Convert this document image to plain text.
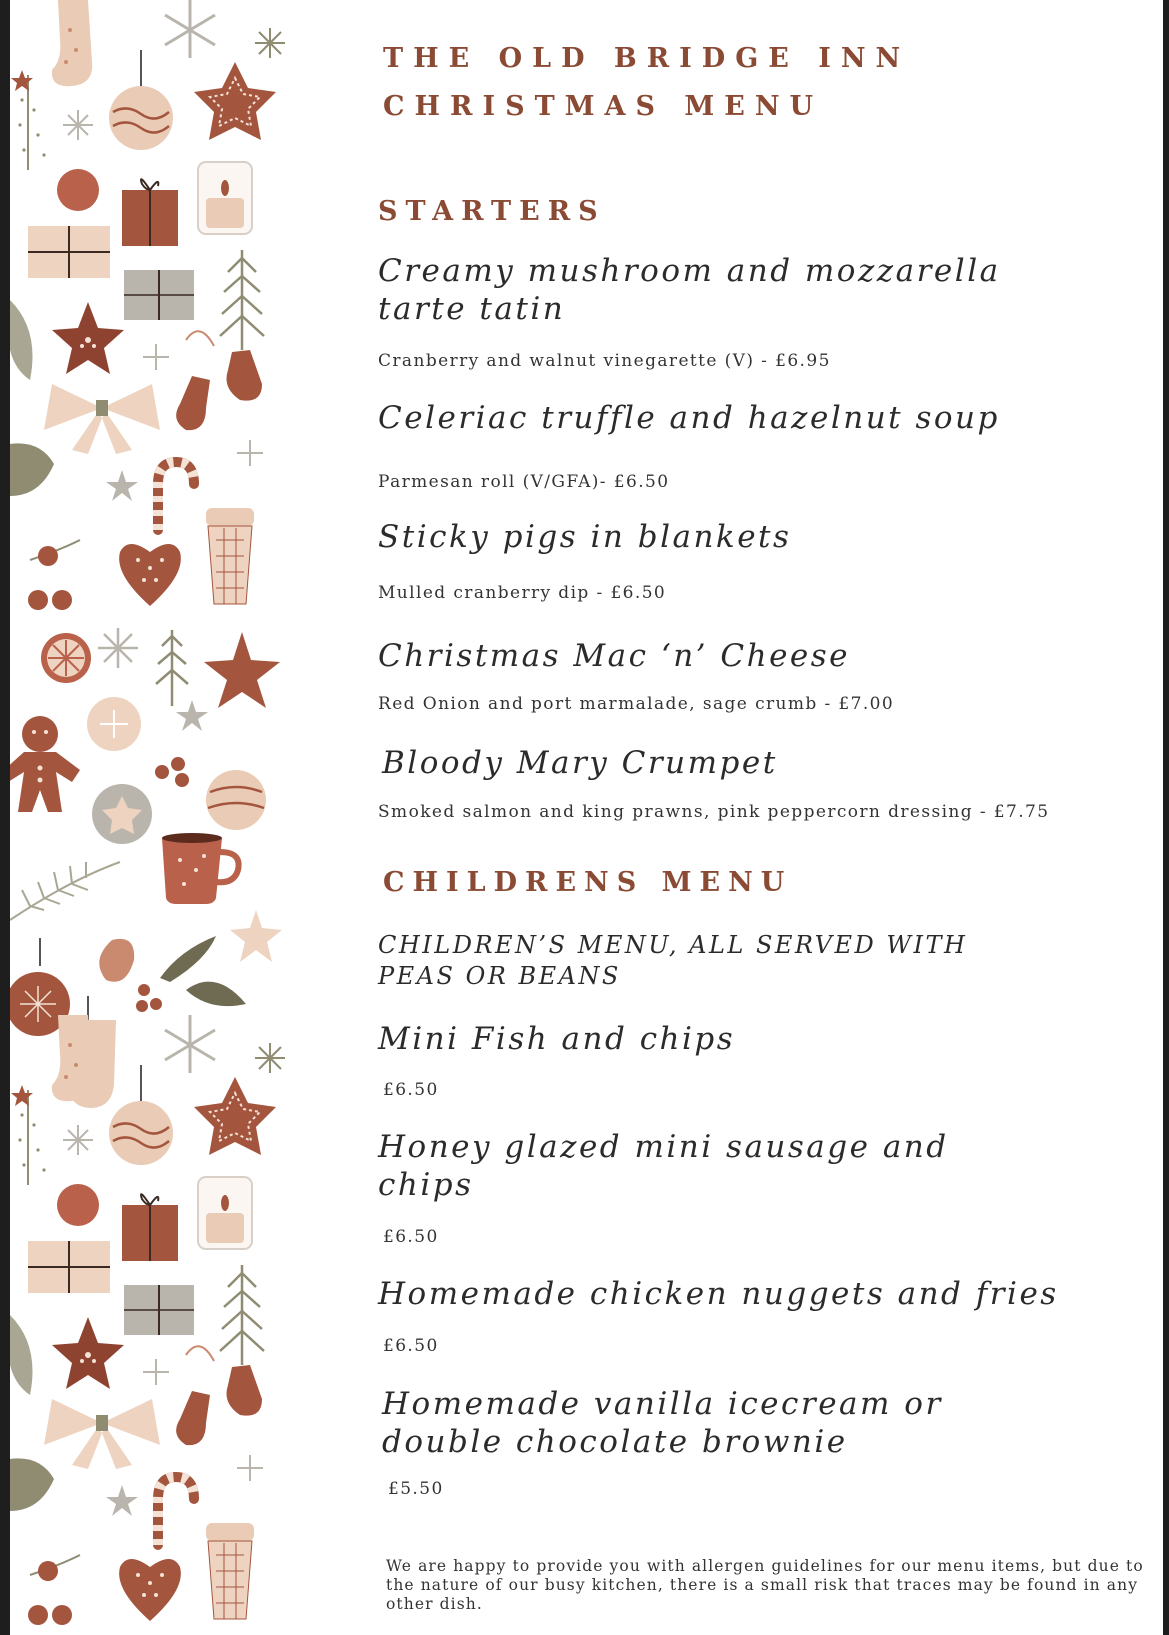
THE OLD BRIDGE INN
CHRISTMAS MENU
STARTERS
Creamy mushroom and mozzarella tarte tatin
Cranberry and walnut vinegarette (V) - £6.95
Celeriac truffle and hazelnut soup
Parmesan roll (V/GFA)- £6.50
Sticky pigs in blankets
Mulled cranberry dip - £6.50
Christmas Mac ‘n’ Cheese
Red Onion and port marmalade, sage crumb - £7.00
Bloody Mary Crumpet
Smoked salmon and king prawns, pink peppercorn dressing - £7.75
CHILDRENS MENU
CHILDREN’S MENU, ALL SERVED WITH PEAS OR BEANS
Mini Fish and chips
£6.50
Honey glazed mini sausage and chips
£6.50
Homemade chicken nuggets and fries
£6.50
Homemade vanilla icecream or double chocolate brownie
£5.50
We are happy to provide you with allergen guidelines for our menu items, but due to the nature of our busy kitchen, there is a small risk that traces may be found in any other dish.
